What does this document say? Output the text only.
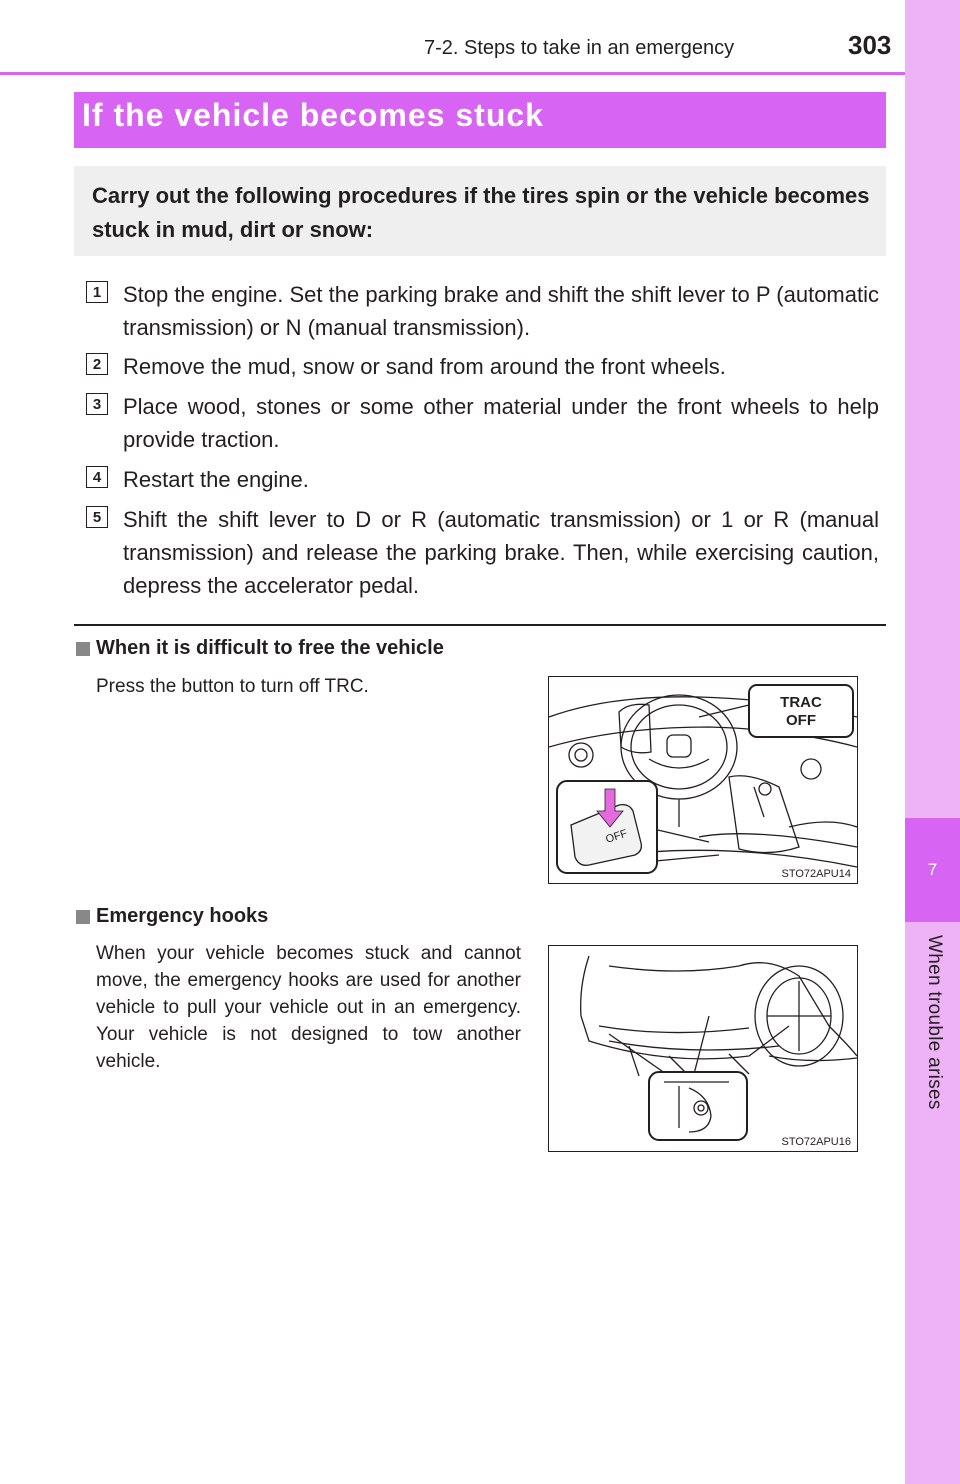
7
When trouble arises
7-2. Steps to take in an emergency	303
If the vehicle becomes stuck
Carry out the following procedures if the tires spin or the vehicle becomes stuck in mud, dirt or snow:
1 Stop the engine. Set the parking brake and shift the shift lever to P (automatic transmission) or N (manual transmission).
2 Remove the mud, snow or sand from around the front wheels.
3 Place wood, stones or some other material under the front wheels to help provide traction.
4 Restart the engine.
5 Shift the shift lever to D or R (automatic transmission) or 1 or R (manual transmission) and release the parking brake. Then, while exercising caution, depress the accelerator pedal.
When it is difficult to free the vehicle
Press the button to turn off TRC.
TRAC
OFF
OFF
STO72APU14
Emergency hooks
When your vehicle becomes stuck and cannot move, the emergency hooks are used for another vehicle to pull your vehicle out in an emergency. Your vehicle is not designed to tow another vehicle.
STO72APU16
